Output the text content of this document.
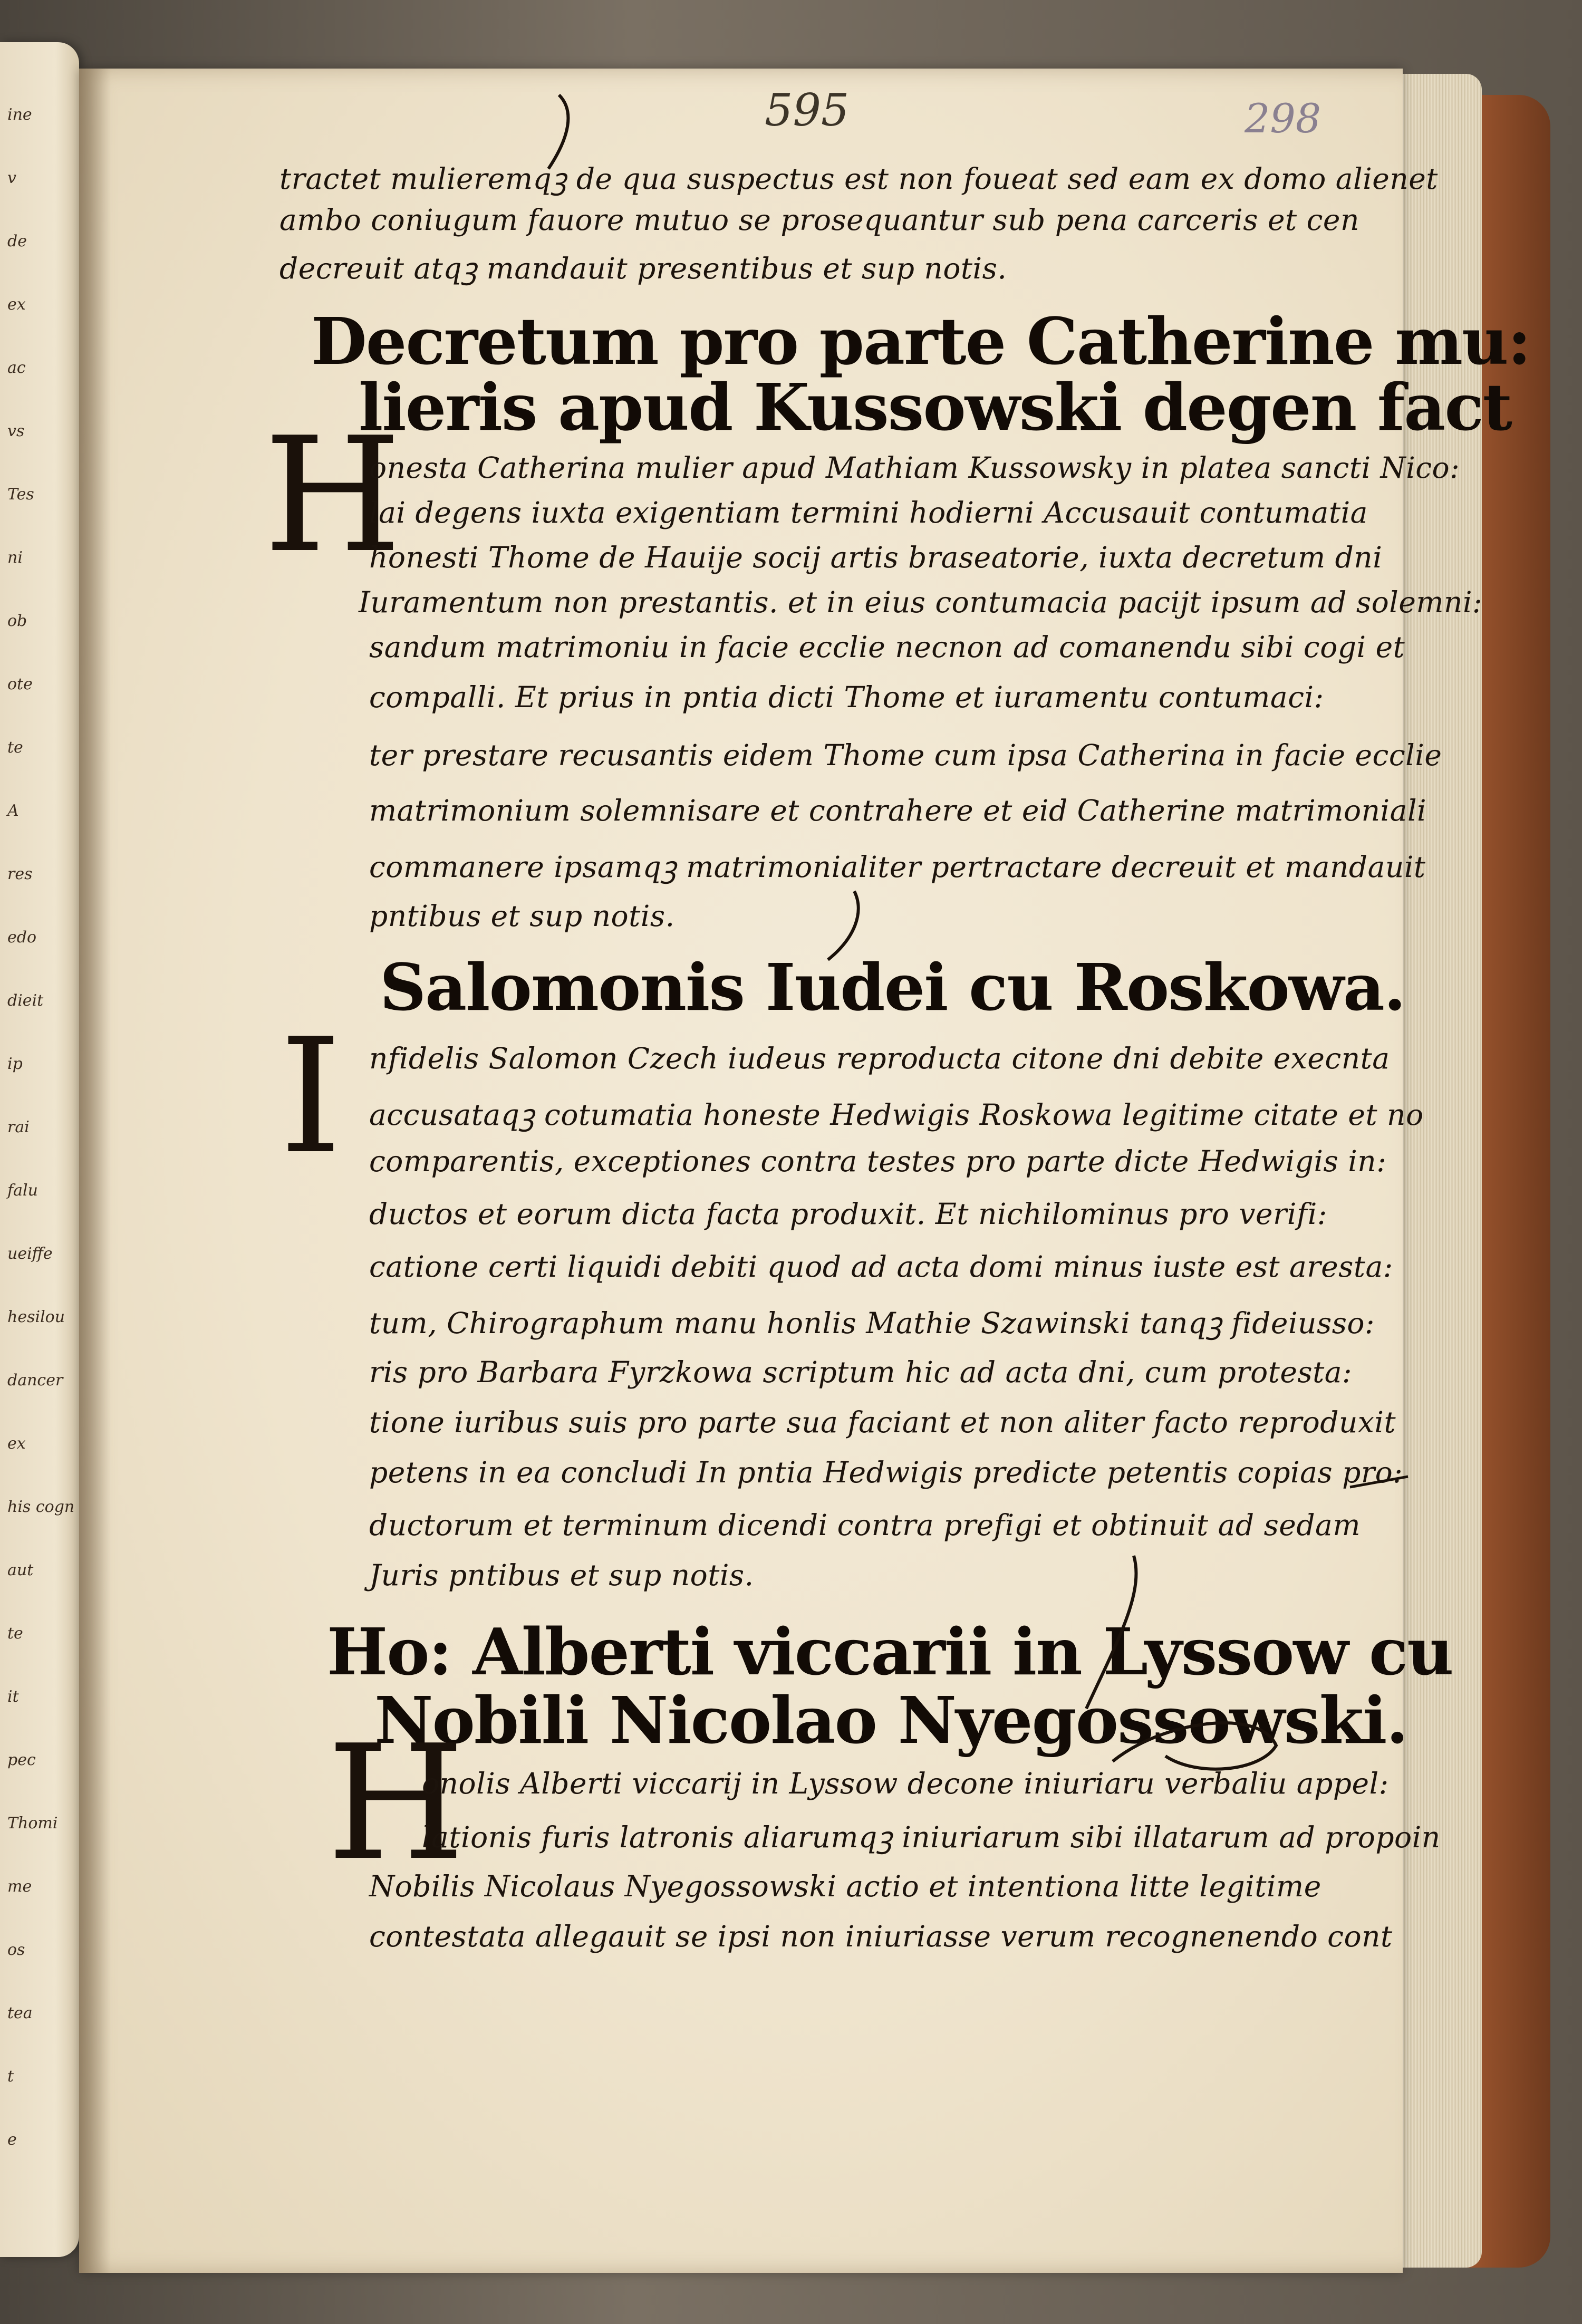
ine
v
de
ex
ac
vs
Tes
ni
ob
ote
te
A
res
edo
dieit
ip
rai
falu
ueiffe
hesilou
dancer
ex
his cogn
aut
te
it
pec
Thomi
me
os
tea
t
e
595	298
tractet mulieremqꝫ de qua suspectus est non foueat sed eam ex domo alienet
ambo coniugum fauore mutuo se prosequantur sub pena carceris et cen
decreuit atqꝫ mandauit presentibus et sup notis.
Decretum pro parte Catherine mu:
lieris apud Kussowski degen fact
H
onesta Catherina mulier apud Mathiam Kussowsky in platea sancti Nico:
lai degens iuxta exigentiam termini hodierni Accusauit contumatia
honesti Thome de Hauije socij artis braseatorie, iuxta decretum dni
Iuramentum non prestantis. et in eius contumacia pacijt ipsum ad solemni:
sandum matrimoniu in facie ecclie necnon ad comanendu sibi cogi et
compalli. Et prius in pntia dicti Thome et iuramentu contumaci:
ter prestare recusantis eidem Thome cum ipsa Catherina in facie ecclie
matrimonium solemnisare et contrahere et eid Catherine matrimoniali
commanere ipsamqꝫ matrimonialiter pertractare decreuit et mandauit
pntibus et sup notis.
Salomonis Iudei cu Roskowa.
I nfidelis Salomon Czech iudeus reproducta citone dni debite execnta
accusataqꝫ cotumatia honeste Hedwigis Roskowa legitime citate et no
comparentis, exceptiones contra testes pro parte dicte Hedwigis in:
ductos et eorum dicta facta produxit. Et nichilominus pro verifi:
catione certi liquidi debiti quod ad acta domi minus iuste est aresta:
tum, Chirographum manu honlis Mathie Szawinski tanqꝫ fideiusso:
ris pro Barbara Fyrzkowa scriptum hic ad acta dni, cum protesta:
tione iuribus suis pro parte sua faciant et non aliter facto reproduxit
petens in ea concludi In pntia Hedwigis predicte petentis copias pro:
ductorum et terminum dicendi contra prefigi et obtinuit ad sedam
Juris pntibus et sup notis.
Ho: Alberti viccarii in Lyssow cu
Nobili Nicolao Nyegossowski.
H
onolis Alberti viccarij in Lyssow decone iniuriaru verbaliu appel:
lationis furis latronis aliarumqꝫ iniuriarum sibi illatarum ad propoin
Nobilis Nicolaus Nyegossowski actio et intentiona litte legitime
contestata allegauit se ipsi non iniuriasse verum recognenendo cont
